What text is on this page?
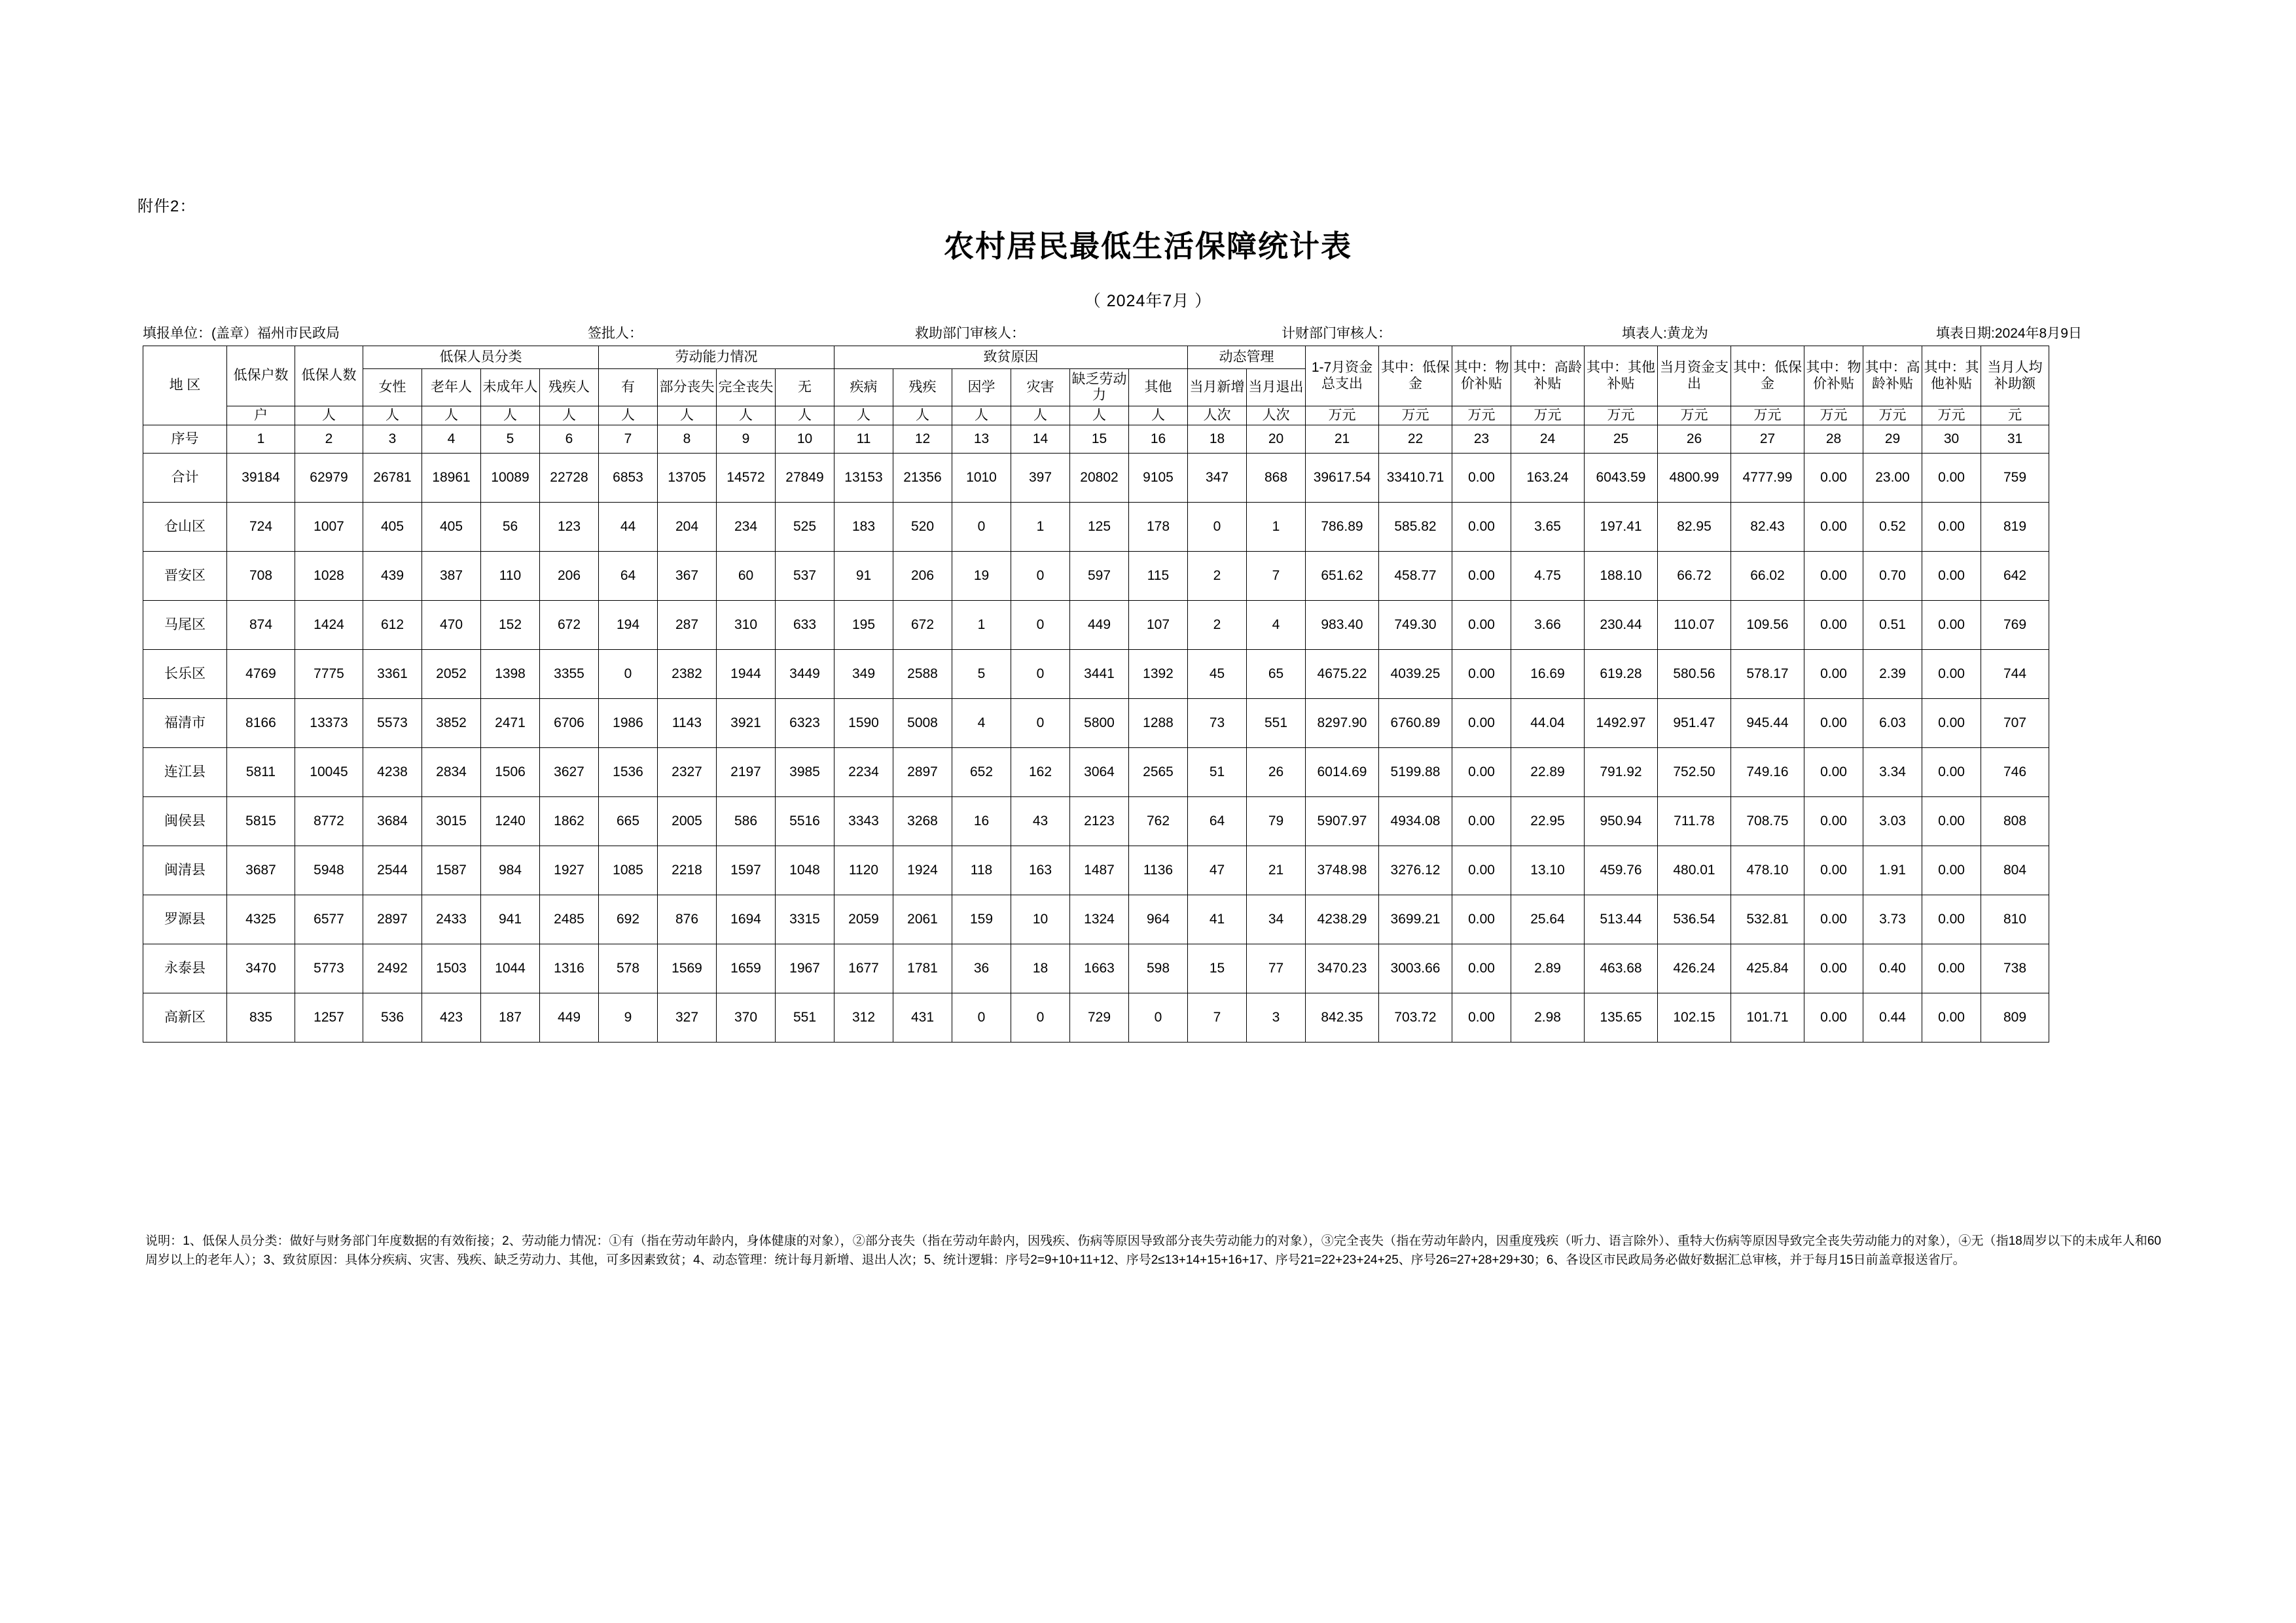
附件2：
农村居民最低生活保障统计表
（ 2024年7月 ）
填报单位：(盖章）福州市民政局	签批人：	救助部门审核人：	计财部门审核人：	填表人:黄龙为	填表日期:2024年8月9日
地 区	低保户数	低保人数	低保人员分类				劳动能力情况				致贫原因						动态管理		1-7月资金总支出	其中：低保金	其中：物价补贴	其中：高龄补贴	其中：其他补贴	当月资金支出	其中：低保金	其中：物价补贴	其中：高龄补贴	其中：其他补贴	当月人均补助额
			女性	老年人	未成年人	残疾人	有	部分丧失	完全丧失	无	疾病	残疾	因学	灾害	缺乏劳动力	其他	当月新增	当月退出											
	户	人	人	人	人	人	人	人	人	人	人	人	人	人	人	人	人次	人次	万元	万元	万元	万元	万元	万元	万元	万元	万元	万元	元
序号	1	2	3	4	5	6	7	8	9	10	11	12	13	14	15	16	18	20	21	22	23	24	25	26	27	28	29	30	31
合计	39184	62979	26781	18961	10089	22728	6853	13705	14572	27849	13153	21356	1010	397	20802	9105	347	868	39617.54	33410.71	0.00	163.24	6043.59	4800.99	4777.99	0.00	23.00	0.00	759
仓山区	724	1007	405	405	56	123	44	204	234	525	183	520	0	1	125	178	0	1	786.89	585.82	0.00	3.65	197.41	82.95	82.43	0.00	0.52	0.00	819
晋安区	708	1028	439	387	110	206	64	367	60	537	91	206	19	0	597	115	2	7	651.62	458.77	0.00	4.75	188.10	66.72	66.02	0.00	0.70	0.00	642
马尾区	874	1424	612	470	152	672	194	287	310	633	195	672	1	0	449	107	2	4	983.40	749.30	0.00	3.66	230.44	110.07	109.56	0.00	0.51	0.00	769
长乐区	4769	7775	3361	2052	1398	3355	0	2382	1944	3449	349	2588	5	0	3441	1392	45	65	4675.22	4039.25	0.00	16.69	619.28	580.56	578.17	0.00	2.39	0.00	744
福清市	8166	13373	5573	3852	2471	6706	1986	1143	3921	6323	1590	5008	4	0	5800	1288	73	551	8297.90	6760.89	0.00	44.04	1492.97	951.47	945.44	0.00	6.03	0.00	707
连江县	5811	10045	4238	2834	1506	3627	1536	2327	2197	3985	2234	2897	652	162	3064	2565	51	26	6014.69	5199.88	0.00	22.89	791.92	752.50	749.16	0.00	3.34	0.00	746
闽侯县	5815	8772	3684	3015	1240	1862	665	2005	586	5516	3343	3268	16	43	2123	762	64	79	5907.97	4934.08	0.00	22.95	950.94	711.78	708.75	0.00	3.03	0.00	808
闽清县	3687	5948	2544	1587	984	1927	1085	2218	1597	1048	1120	1924	118	163	1487	1136	47	21	3748.98	3276.12	0.00	13.10	459.76	480.01	478.10	0.00	1.91	0.00	804
罗源县	4325	6577	2897	2433	941	2485	692	876	1694	3315	2059	2061	159	10	1324	964	41	34	4238.29	3699.21	0.00	25.64	513.44	536.54	532.81	0.00	3.73	0.00	810
永泰县	3470	5773	2492	1503	1044	1316	578	1569	1659	1967	1677	1781	36	18	1663	598	15	77	3470.23	3003.66	0.00	2.89	463.68	426.24	425.84	0.00	0.40	0.00	738
高新区	835	1257	536	423	187	449	9	327	370	551	312	431	0	0	729	0	7	3	842.35	703.72	0.00	2.98	135.65	102.15	101.71	0.00	0.44	0.00	809
说明：1、低保人员分类：做好与财务部门年度数据的有效衔接；2、劳动能力情况：①有（指在劳动年龄内，身体健康的对象），②部分丧失（指在劳动年龄内，因残疾、伤病等原因导致部分丧失劳动能力的对象），③完全丧失（指在劳动年龄内，因重度残疾（听力、语言除外）、重特大伤病等原因导致完全丧失劳动能力的对象），④无（指18周岁以下的未成年人和60周岁以上的老年人）；3、致贫原因：具体分疾病、灾害、残疾、缺乏劳动力、其他，可多因素致贫；4、动态管理：统计每月新增、退出人次；5、统计逻辑：序号2=9+10+11+12、序号2≤13+14+15+16+17、序号21=22+23+24+25、序号26=27+28+29+30；6、各设区市民政局务必做好数据汇总审核，并于每月15日前盖章报送省厅。
